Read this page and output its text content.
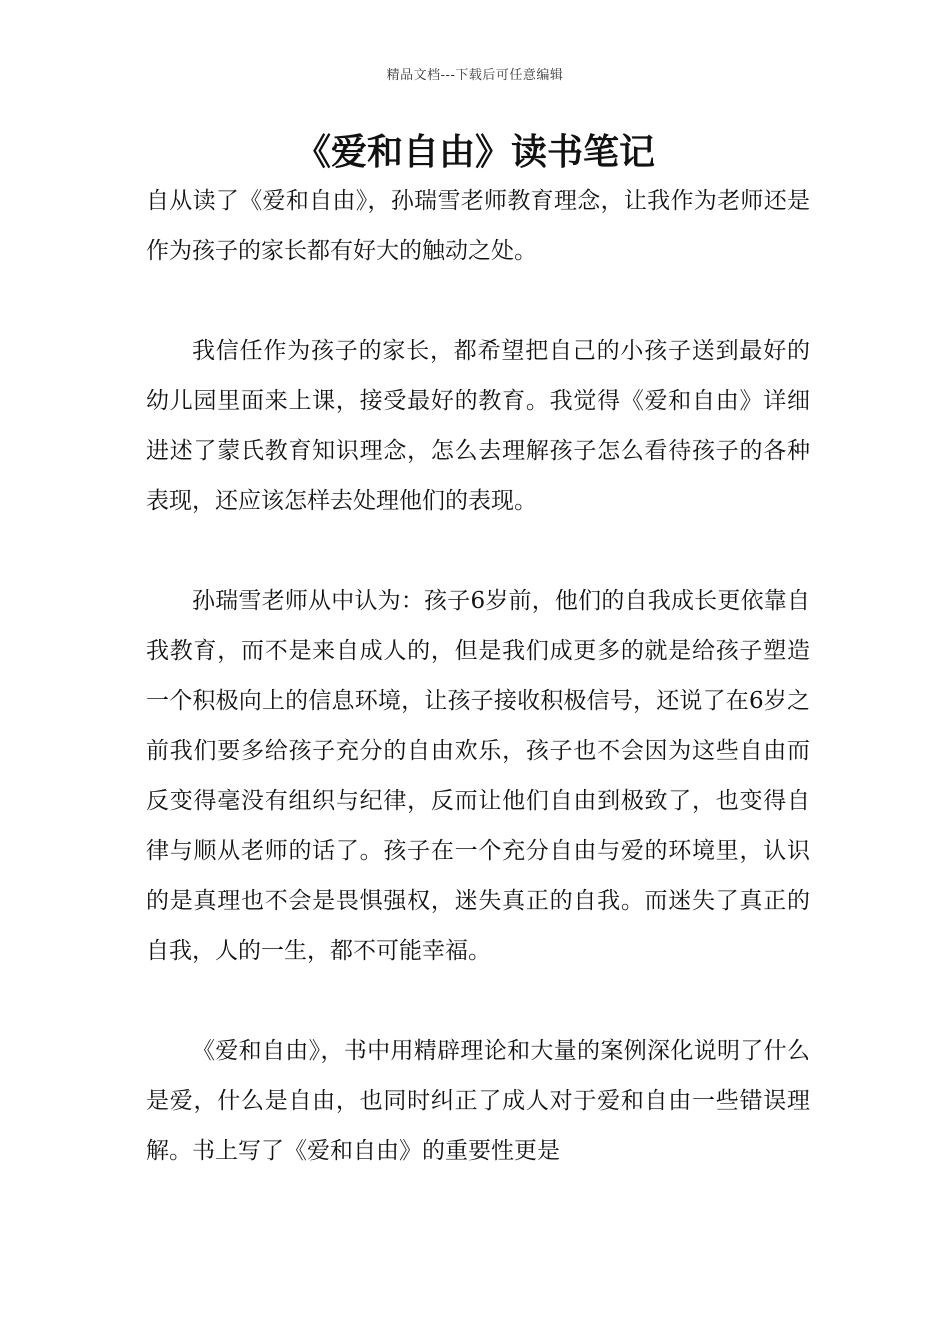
精品文档---下载后可任意编辑
《爱和自由》读书笔记

自从读了《爱和自由》，孙瑞雪老师教育理念，让我作为老师还是作为孩子的家长都有好大的触动之处。

我信任作为孩子的家长，都希望把自己的小孩子送到最好的幼儿园里面来上课，接受最好的教育。我觉得《爱和自由》详细进述了蒙氏教育知识理念，怎么去理解孩子怎么看待孩子的各种表现，还应该怎样去处理他们的表现。

孙瑞雪老师从中认为：孩子6岁前，他们的自我成长更依靠自我教育，而不是来自成人的，但是我们成更多的就是给孩子塑造一个积极向上的信息环境，让孩子接收积极信号，还说了在6岁之前我们要多给孩子充分的自由欢乐，孩子也不会因为这些自由而反变得毫没有组织与纪律，反而让他们自由到极致了，也变得自律与顺从老师的话了。孩子在一个充分自由与爱的环境里，认识的是真理也不会是畏惧强权，迷失真正的自我。而迷失了真正的自我，人的一生，都不可能幸福。

《爱和自由》，书中用精辟理论和大量的案例深化说明了什么是爱，什么是自由，也同时纠正了成人对于爱和自由一些错误理解。书上写了《爱和自由》的重要性更是
